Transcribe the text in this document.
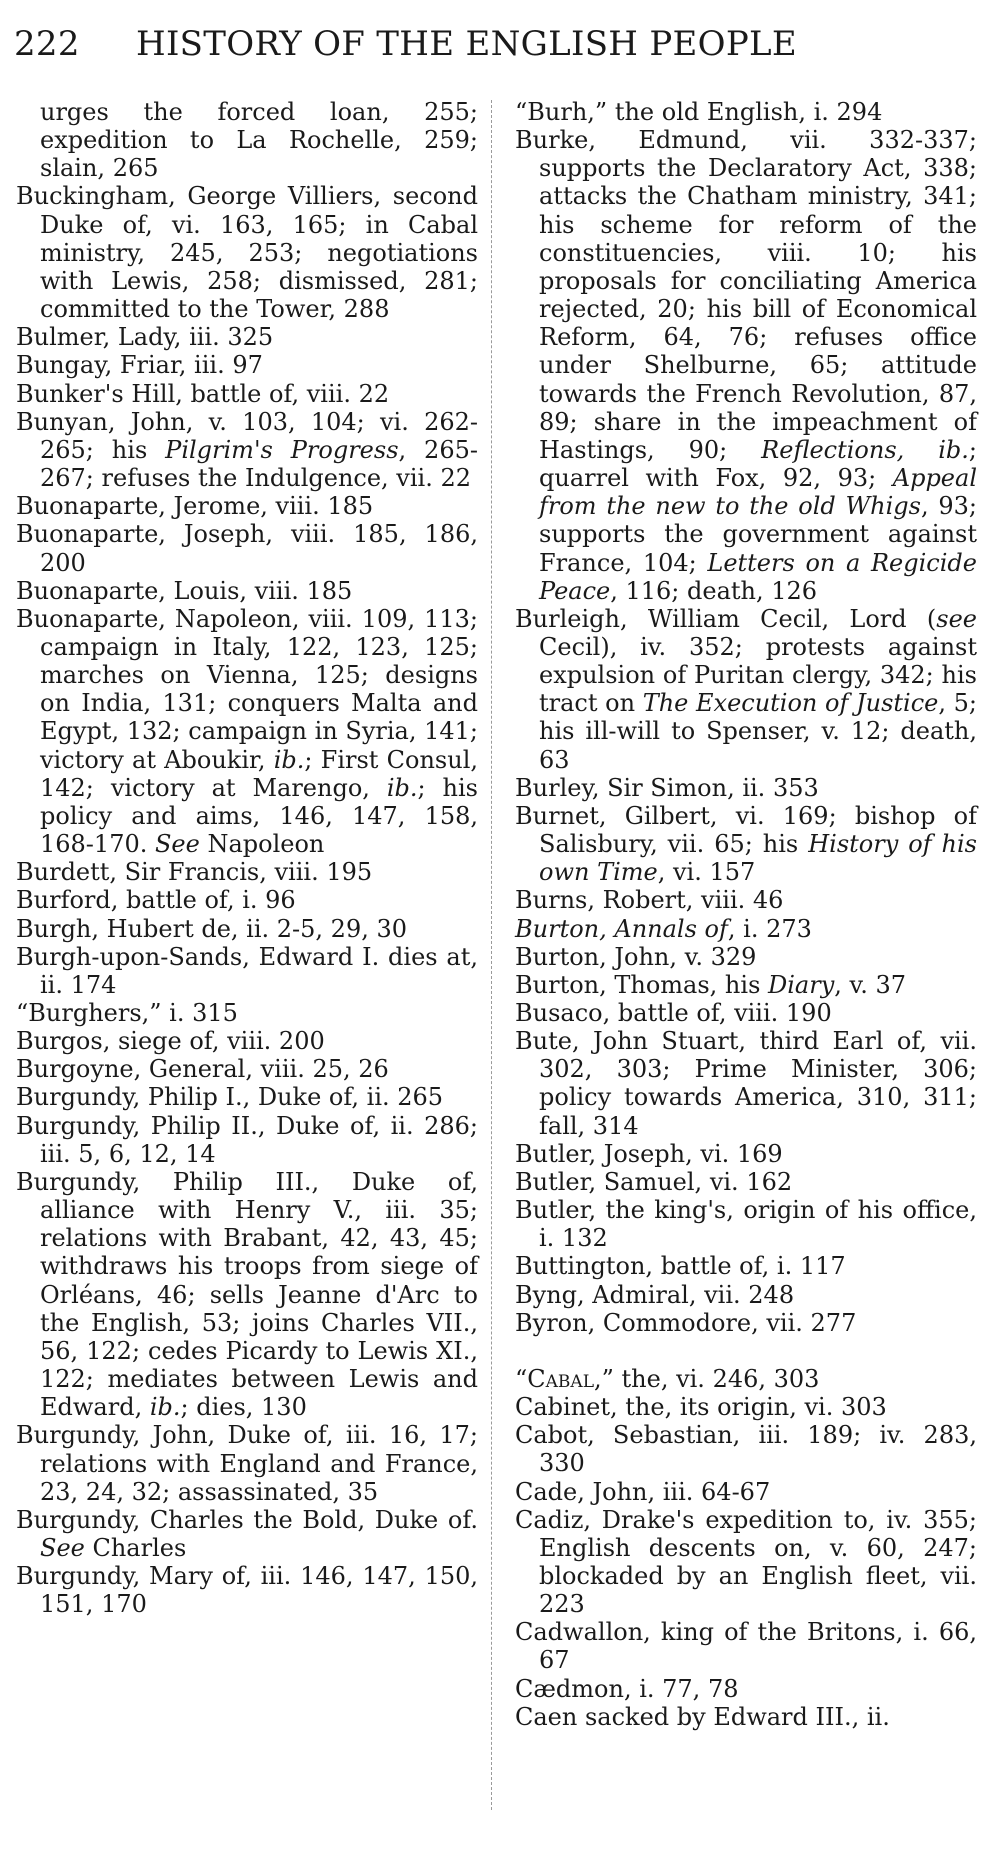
222 HISTORY OF THE ENGLISH PEOPLE

urges the forced loan, 255; expedition to La Rochelle, 259; slain, 265

Buckingham, George Villiers, second Duke of, vi. 163, 165; in Cabal ministry, 245, 253; negotiations with Lewis, 258; dismissed, 281; committed to the Tower, 288

Bulmer, Lady, iii. 325

Bungay, Friar, iii. 97

Bunker's Hill, battle of, viii. 22

Bunyan, John, v. 103, 104; vi. 262-265; his Pilgrim's Progress, 265-267; refuses the Indulgence, vii. 22

Buonaparte, Jerome, viii. 185

Buonaparte, Joseph, viii. 185, 186, 200

Buonaparte, Louis, viii. 185

Buonaparte, Napoleon, viii. 109, 113; campaign in Italy, 122, 123, 125; marches on Vienna, 125; designs on India, 131; conquers Malta and Egypt, 132; campaign in Syria, 141; victory at Aboukir, ib.; First Consul, 142; victory at Marengo, ib.; his policy and aims, 146, 147, 158, 168-170. See Napoleon

Burdett, Sir Francis, viii. 195

Burford, battle of, i. 96

Burgh, Hubert de, ii. 2-5, 29, 30

Burgh-upon-Sands, Edward I. dies at, ii. 174

“Burghers,” i. 315

Burgos, siege of, viii. 200

Burgoyne, General, viii. 25, 26

Burgundy, Philip I., Duke of, ii. 265

Burgundy, Philip II., Duke of, ii. 286; iii. 5, 6, 12, 14

Burgundy, Philip III., Duke of, alliance with Henry V., iii. 35; relations with Brabant, 42, 43, 45; withdraws his troops from siege of Orléans, 46; sells Jeanne d'Arc to the English, 53; joins Charles VII., 56, 122; cedes Picardy to Lewis XI., 122; mediates between Lewis and Edward, ib.; dies, 130

Burgundy, John, Duke of, iii. 16, 17; relations with England and France, 23, 24, 32; assassinated, 35

Burgundy, Charles the Bold, Duke of. See Charles

Burgundy, Mary of, iii. 146, 147, 150, 151, 170

“Burh,” the old English, i. 294

Burke, Edmund, vii. 332-337; supports the Declaratory Act, 338; attacks the Chatham ministry, 341; his scheme for reform of the constituencies, viii. 10; his proposals for conciliating America rejected, 20; his bill of Economical Reform, 64, 76; refuses office under Shelburne, 65; attitude towards the French Revolution, 87, 89; share in the impeachment of Hastings, 90; Reflections, ib.; quarrel with Fox, 92, 93; Appeal from the new to the old Whigs, 93; supports the government against France, 104; Letters on a Regicide Peace, 116; death, 126

Burleigh, William Cecil, Lord (see Cecil), iv. 352; protests against expulsion of Puritan clergy, 342; his tract on The Execution of Justice, 5; his ill-will to Spenser, v. 12; death, 63

Burley, Sir Simon, ii. 353

Burnet, Gilbert, vi. 169; bishop of Salisbury, vii. 65; his History of his own Time, vi. 157

Burns, Robert, viii. 46

Burton, Annals of, i. 273

Burton, John, v. 329

Burton, Thomas, his Diary, v. 37

Busaco, battle of, viii. 190

Bute, John Stuart, third Earl of, vii. 302, 303; Prime Minister, 306; policy towards America, 310, 311; fall, 314

Butler, Joseph, vi. 169

Butler, Samuel, vi. 162

Butler, the king's, origin of his office, i. 132

Buttington, battle of, i. 117

Byng, Admiral, vii. 248

Byron, Commodore, vii. 277

“Cabal,” the, vi. 246, 303

Cabinet, the, its origin, vi. 303

Cabot, Sebastian, iii. 189; iv. 283, 330

Cade, John, iii. 64-67

Cadiz, Drake's expedition to, iv. 355; English descents on, v. 60, 247; blockaded by an English fleet, vii. 223

Cadwallon, king of the Britons, i. 66, 67

Cædmon, i. 77, 78

Caen sacked by Edward III., ii.
